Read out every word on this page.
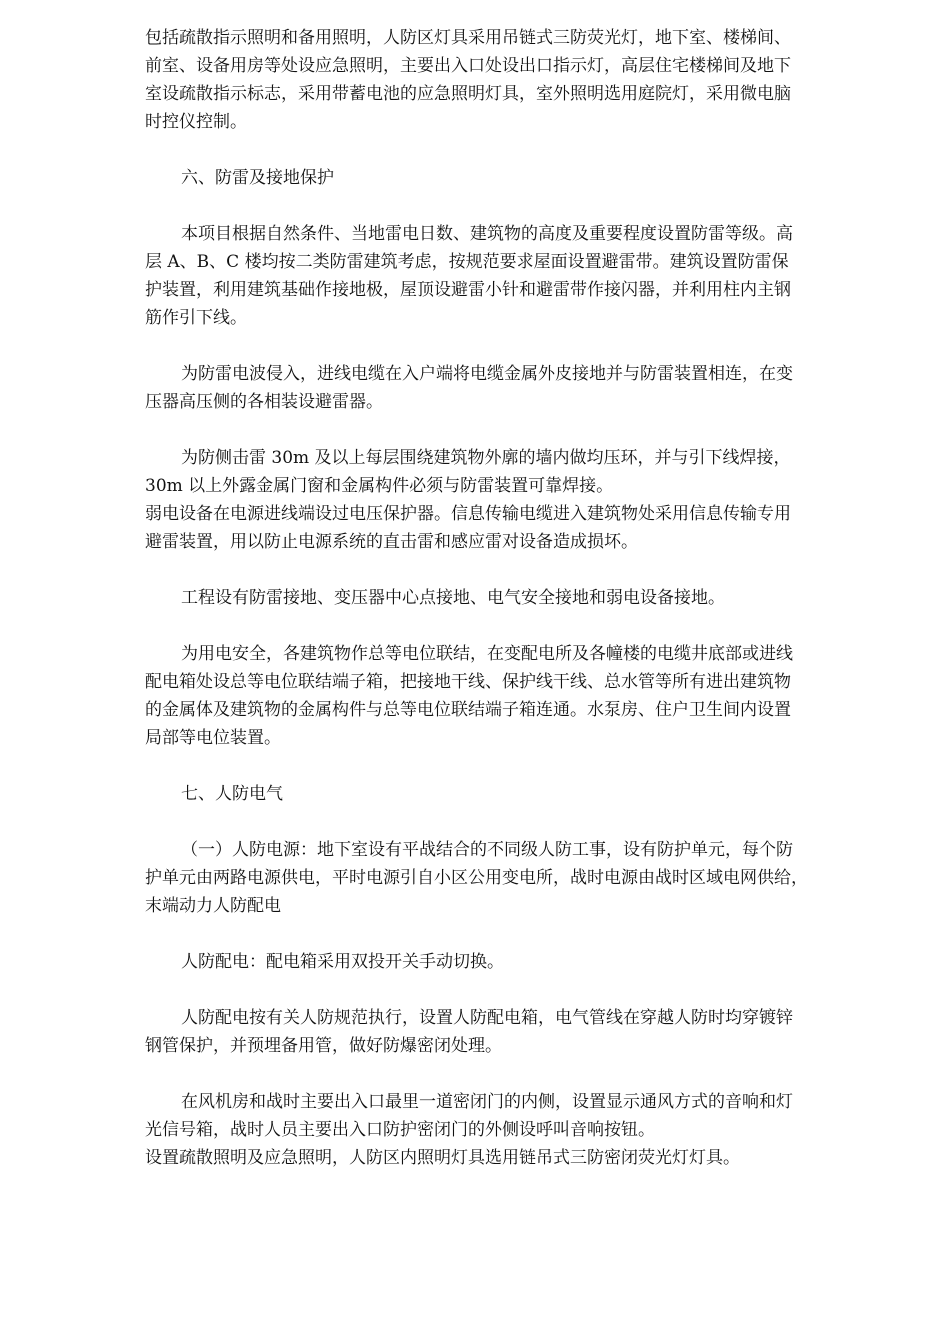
包括疏散指示照明和备用照明，人防区灯具采用吊链式三防荧光灯，地下室、楼梯间、
前室、设备用房等处设应急照明，主要出入口处设出口指示灯，高层住宅楼梯间及地下
室设疏散指示标志，采用带蓄电池的应急照明灯具，室外照明选用庭院灯，采用微电脑
时控仪控制。
六、防雷及接地保护
本项目根据自然条件、当地雷电日数、建筑物的高度及重要程度设置防雷等级。高
层 A、B、C 楼均按二类防雷建筑考虑，按规范要求屋面设置避雷带。建筑设置防雷保
护装置，利用建筑基础作接地极，屋顶设避雷小针和避雷带作接闪器，并利用柱内主钢
筋作引下线。
为防雷电波侵入，进线电缆在入户端将电缆金属外皮接地并与防雷装置相连，在变
压器高压侧的各相装设避雷器。
为防侧击雷 30m 及以上每层围绕建筑物外廓的墙内做均压环，并与引下线焊接，
30m 以上外露金属门窗和金属构件必须与防雷装置可靠焊接。
弱电设备在电源进线端设过电压保护器。信息传输电缆进入建筑物处采用信息传输专用
避雷装置，用以防止电源系统的直击雷和感应雷对设备造成损坏。
工程设有防雷接地、变压器中心点接地、电气安全接地和弱电设备接地。
为用电安全，各建筑物作总等电位联结，在变配电所及各幢楼的电缆井底部或进线
配电箱处设总等电位联结端子箱，把接地干线、保护线干线、总水管等所有进出建筑物
的金属体及建筑物的金属构件与总等电位联结端子箱连通。水泵房、住户卫生间内设置
局部等电位装置。
七、人防电气
（一）人防电源：地下室设有平战结合的不同级人防工事，设有防护单元，每个防
护单元由两路电源供电，平时电源引自小区公用变电所，战时电源由战时区域电网供给，
末端动力人防配电
人防配电：配电箱采用双投开关手动切换。
人防配电按有关人防规范执行，设置人防配电箱，电气管线在穿越人防时均穿镀锌
钢管保护，并预埋备用管，做好防爆密闭处理。
在风机房和战时主要出入口最里一道密闭门的内侧，设置显示通风方式的音响和灯
光信号箱，战时人员主要出入口防护密闭门的外侧设呼叫音响按钮。
设置疏散照明及应急照明，人防区内照明灯具选用链吊式三防密闭荧光灯灯具。
